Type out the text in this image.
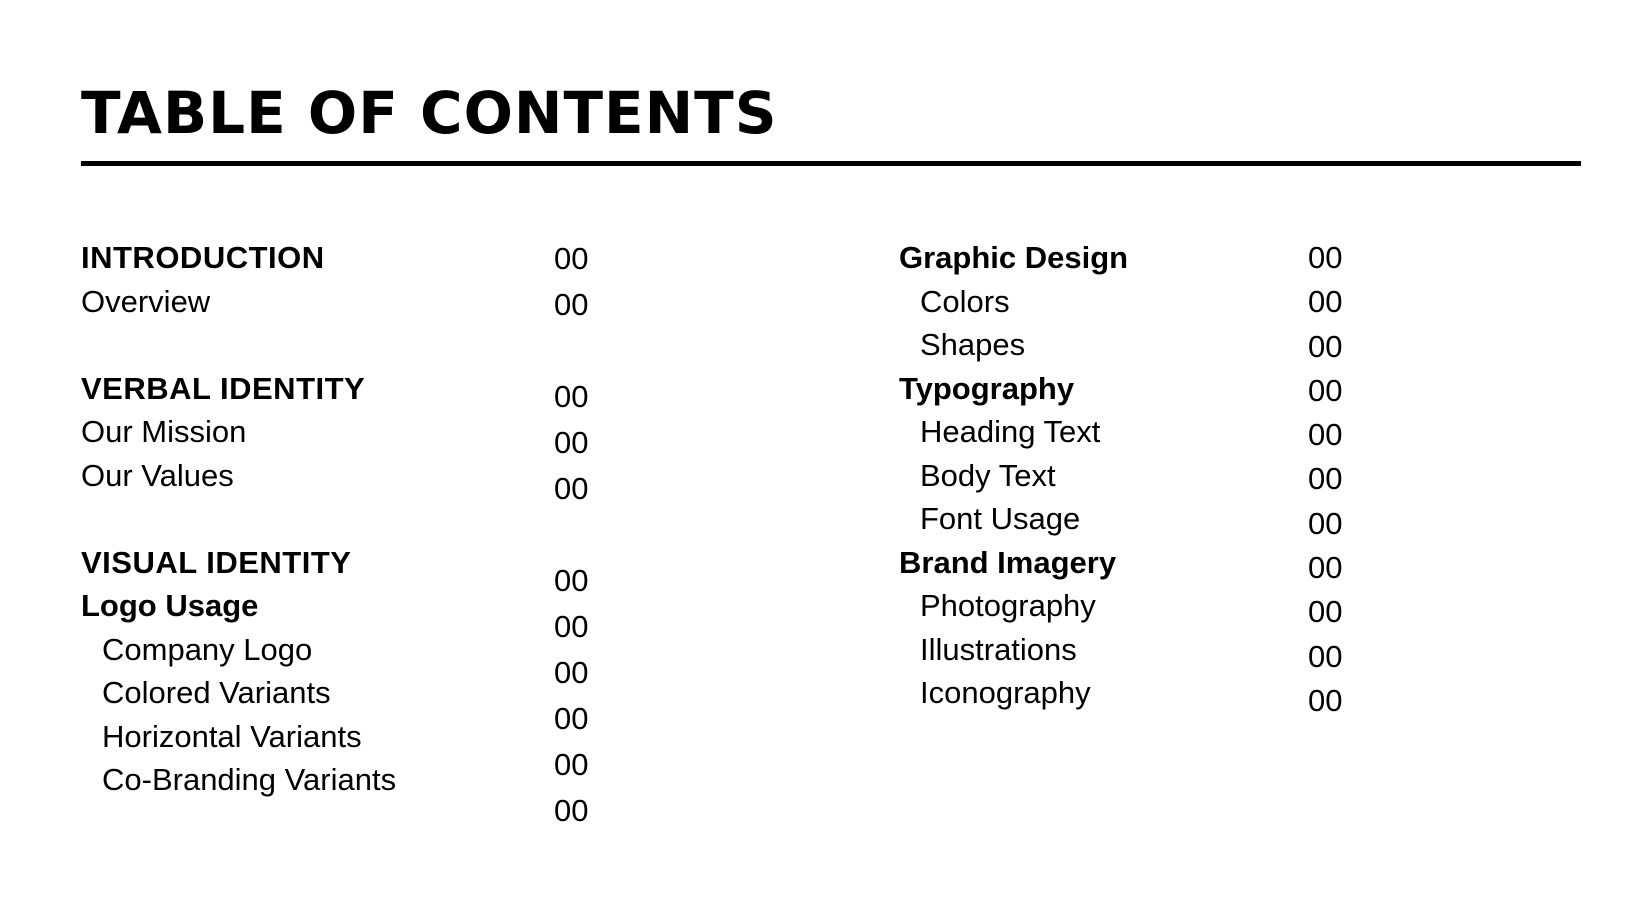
TABLE OF CONTENTS
INTRODUCTION
Overview
VERBAL IDENTITY
Our Mission
Our Values
VISUAL IDENTITY
Logo Usage
Company Logo
Colored Variants
Horizontal Variants
Co-Branding Variants
00
00
00
00
00
00
00
00
00
00
00
Graphic Design
Colors
Shapes
Typography
Heading Text
Body Text
Font Usage
Brand Imagery
Photography
Illustrations
Iconography
00
00
00
00
00
00
00
00
00
00
00
